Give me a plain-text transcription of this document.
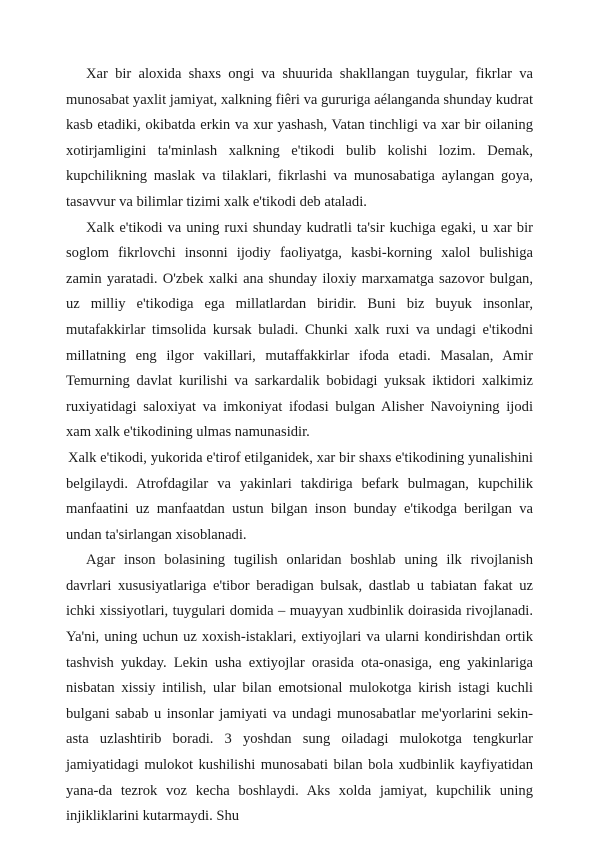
Xar bir aloxida shaxs ongi va shuurida shakllangan tuygular, fikrlar va munosabat yaxlit jamiyat, xalkning fiêri va gururiga aélanganda shunday kudrat kasb etadiki, okibatda erkin va xur yashash, Vatan tinchligi va xar bir oilaning xotirjamligini ta'minlash xalkning e'tikodi bulib kolishi lozim. Demak, kupchilikning maslak va tilaklari, fikrlashi va munosabatiga aylangan goya, tasavvur va bilimlar tizimi xalk e'tikodi deb ataladi.

Xalk e'tikodi va uning ruxi shunday kudratli ta'sir kuchiga egaki, u xar bir soglom fikrlovchi insonni ijodiy faoliyatga, kasbi-korning xalol bulishiga zamin yaratadi. O'zbek xalki ana shunday iloxiy marxamatga sazovor bulgan, uz milliy e'tikodiga ega millatlardan biridir. Buni biz buyuk insonlar, mutafakkirlar timsolida kursak buladi. Chunki xalk ruxi va undagi e'tikodni millatning eng ilgor vakillari, mutaffakkirlar ifoda etadi. Masalan, Amir Temurning davlat kurilishi va sarkardalik bobidagi yuksak iktidori xalkimiz ruxiyatidagi saloxiyat va imkoniyat ifodasi bulgan Alisher Navoiyning ijodi xam xalk e'tikodining ulmas namunasidir.

Xalk e'tikodi, yukorida e'tirof etilganidek, xar bir shaxs e'tikodining yunalishini belgilaydi. Atrofdagilar va yakinlari takdiriga befark bulmagan, kupchilik manfaatini uz manfaatdan ustun bilgan inson bunday e'tikodga berilgan va undan ta'sirlangan xisoblanadi.

Agar inson bolasining tugilish onlaridan boshlab uning ilk rivojlanish davrlari xususiyatlariga e'tibor beradigan bulsak, dastlab u tabiatan fakat uz ichki xissiyotlari, tuygulari domida – muayyan xudbinlik doirasida rivojlanadi. Ya'ni, uning uchun uz xoxish-istaklari, extiyojlari va ularni kondirishdan ortik tashvish yukday. Lekin usha extiyojlar orasida ota-onasiga, eng yakinlariga nisbatan xissiy intilish, ular bilan emotsional mulokotga kirish istagi kuchli bulgani sabab u insonlar jamiyati va undagi munosabatlar me'yorlarini sekin-asta uzlashtirib boradi. 3 yoshdan sung oiladagi mulokotga tengkurlar jamiyatidagi mulokot kushilishi munosabati bilan bola xudbinlik kayfiyatidan yana-da tezrok voz kecha boshlaydi. Aks xolda jamiyat, kupchilik uning injikliklarini kutarmaydi. Shu
